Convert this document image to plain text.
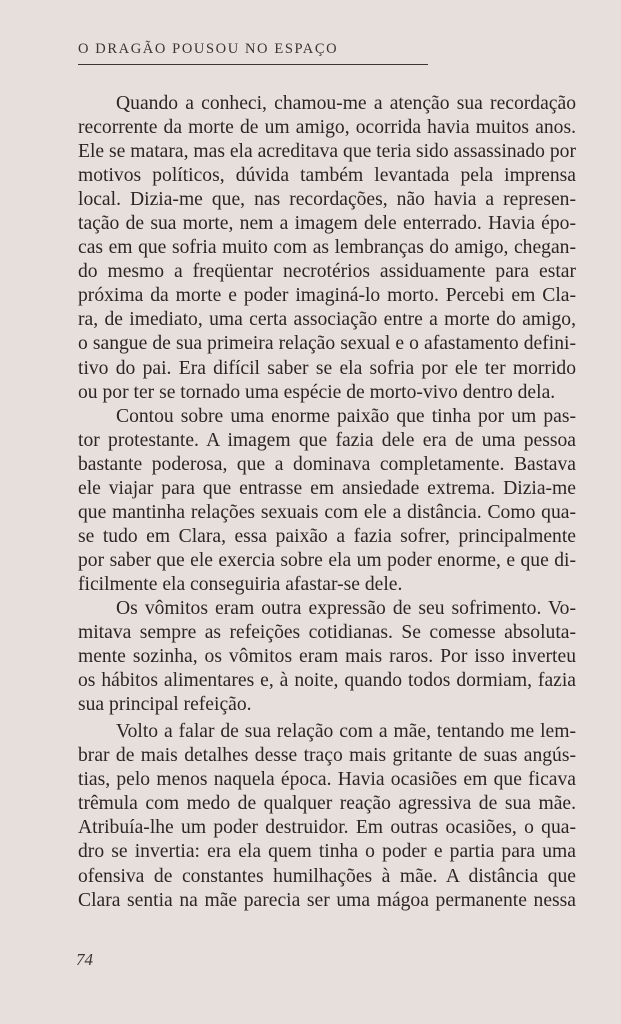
O DRAGÃO POUSOU NO ESPAÇO
Quando a conheci, chamou-me a atenção sua recordação
recorrente da morte de um amigo, ocorrida havia muitos anos.
Ele se matara, mas ela acreditava que teria sido assassinado por
motivos políticos, dúvida também levantada pela imprensa
local. Dizia-me que, nas recordações, não havia a represen-
tação de sua morte, nem a imagem dele enterrado. Havia épo-
cas em que sofria muito com as lembranças do amigo, chegan-
do mesmo a freqüentar necrotérios assiduamente para estar
próxima da morte e poder imaginá-lo morto. Percebi em Cla-
ra, de imediato, uma certa associação entre a morte do amigo,
o sangue de sua primeira relação sexual e o afastamento defini-
tivo do pai. Era difícil saber se ela sofria por ele ter morrido
ou por ter se tornado uma espécie de morto-vivo dentro dela.
Contou sobre uma enorme paixão que tinha por um pas-
tor protestante. A imagem que fazia dele era de uma pessoa
bastante poderosa, que a dominava completamente. Bastava
ele viajar para que entrasse em ansiedade extrema. Dizia-me
que mantinha relações sexuais com ele a distância. Como qua-
se tudo em Clara, essa paixão a fazia sofrer, principalmente
por saber que ele exercia sobre ela um poder enorme, e que di-
ficilmente ela conseguiria afastar-se dele.
Os vômitos eram outra expressão de seu sofrimento. Vo-
mitava sempre as refeições cotidianas. Se comesse absoluta-
mente sozinha, os vômitos eram mais raros. Por isso inverteu
os hábitos alimentares e, à noite, quando todos dormiam, fazia
sua principal refeição.
Volto a falar de sua relação com a mãe, tentando me lem-
brar de mais detalhes desse traço mais gritante de suas angús-
tias, pelo menos naquela época. Havia ocasiões em que ficava
trêmula com medo de qualquer reação agressiva de sua mãe.
Atribuía-lhe um poder destruidor. Em outras ocasiões, o qua-
dro se invertia: era ela quem tinha o poder e partia para uma
ofensiva de constantes humilhações à mãe. A distância que
Clara sentia na mãe parecia ser uma mágoa permanente nessa
74
